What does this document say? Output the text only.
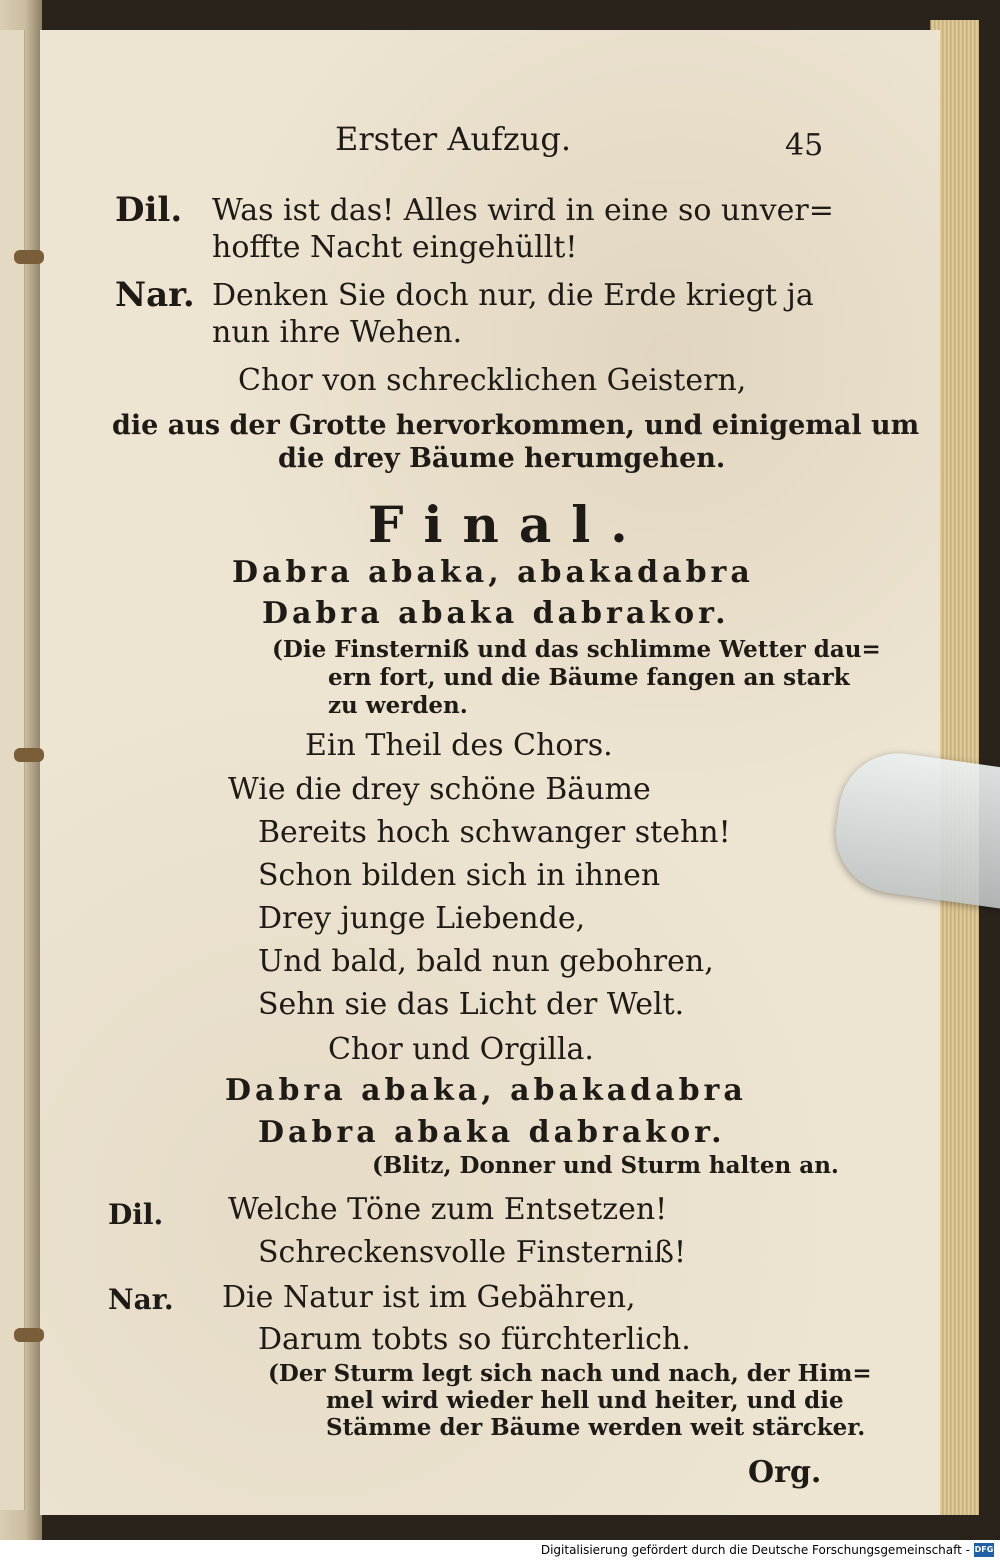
Erster Aufzug.	45
Dil. Was ist das! Alles wird in eine so unver=
hoffte Nacht eingehüllt!
Nar. Denken Sie doch nur, die Erde kriegt ja
nun ihre Wehen.
Chor von schrecklichen Geistern,
die aus der Grotte hervorkommen, und einigemal um
die drey Bäume herumgehen.
Final.
Dabra abaka, abakadabra
Dabra abaka dabrakor.
(Die Finsterniß und das schlimme Wetter dau=
ern fort, und die Bäume fangen an stark
zu werden.
Ein Theil des Chors.
Wie die drey schöne Bäume
Bereits hoch schwanger stehn!
Schon bilden sich in ihnen
Drey junge Liebende,
Und bald, bald nun gebohren,
Sehn sie das Licht der Welt.
Chor und Orgilla.
Dabra abaka, abakadabra
Dabra abaka dabrakor.
(Blitz, Donner und Sturm halten an.
Dil. Welche Töne zum Entsetzen!
Schreckensvolle Finsterniß!
Nar. Die Natur ist im Gebähren,
Darum tobts so fürchterlich.
(Der Sturm legt sich nach und nach, der Him=
mel wird wieder hell und heiter, und die
Stämme der Bäume werden weit stärcker.
Org.
Digitalisierung gefördert durch die Deutsche Forschungsgemeinschaft - DFG
